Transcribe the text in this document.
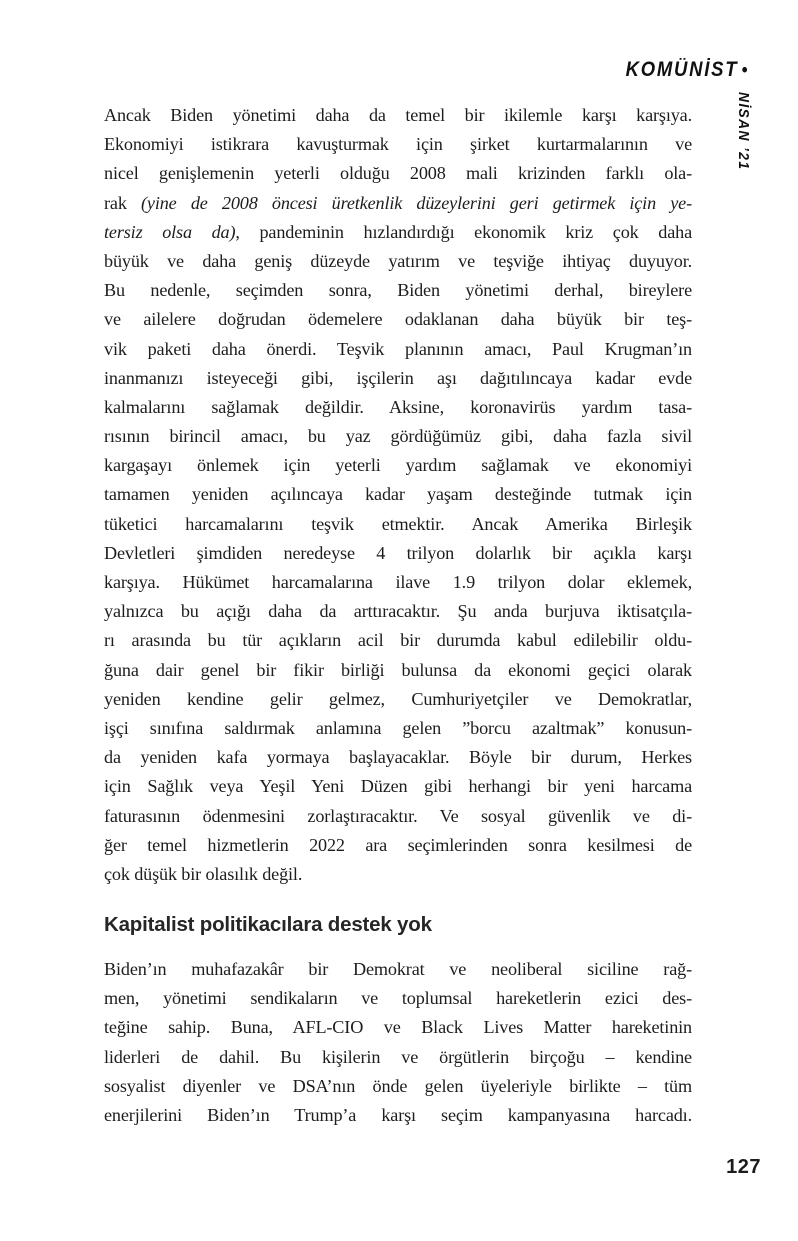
KOMÜNİST •
NİSAN ’21
Ancak Biden yönetimi daha da temel bir ikilemle karşı karşıya.
Ekonomiyi istikrara kavuşturmak için şirket kurtarmalarının ve
nicel genişlemenin yeterli olduğu 2008 mali krizinden farklı ola-
rak (yine de 2008 öncesi üretkenlik düzeylerini geri getirmek için ye-
tersiz olsa da), pandeminin hızlandırdığı ekonomik kriz çok daha
büyük ve daha geniş düzeyde yatırım ve teşviğe ihtiyaç duyuyor.
Bu nedenle, seçimden sonra, Biden yönetimi derhal, bireylere
ve ailelere doğrudan ödemelere odaklanan daha büyük bir teş-
vik paketi daha önerdi. Teşvik planının amacı, Paul Krugman’ın
inanmanızı isteyeceği gibi, işçilerin aşı dağıtılıncaya kadar evde
kalmalarını sağlamak değildir. Aksine, koronavirüs yardım tasa-
rısının birincil amacı, bu yaz gördüğümüz gibi, daha fazla sivil
kargaşayı önlemek için yeterli yardım sağlamak ve ekonomiyi
tamamen yeniden açılıncaya kadar yaşam desteğinde tutmak için
tüketici harcamalarını teşvik etmektir. Ancak Amerika Birleşik
Devletleri şimdiden neredeyse 4 trilyon dolarlık bir açıkla karşı
karşıya. Hükümet harcamalarına ilave 1.9 trilyon dolar eklemek,
yalnızca bu açığı daha da arttıracaktır. Şu anda burjuva iktisatçıla-
rı arasında bu tür açıkların acil bir durumda kabul edilebilir oldu-
ğuna dair genel bir fikir birliği bulunsa da ekonomi geçici olarak
yeniden kendine gelir gelmez, Cumhuriyetçiler ve Demokratlar,
işçi sınıfına saldırmak anlamına gelen ”borcu azaltmak” konusun-
da yeniden kafa yormaya başlayacaklar. Böyle bir durum, Herkes
için Sağlık veya Yeşil Yeni Düzen gibi herhangi bir yeni harcama
faturasının ödenmesini zorlaştıracaktır. Ve sosyal güvenlik ve di-
ğer temel hizmetlerin 2022 ara seçimlerinden sonra kesilmesi de
çok düşük bir olasılık değil.
Kapitalist politikacılara destek yok
Biden’ın muhafazakâr bir Demokrat ve neoliberal siciline rağ-
men, yönetimi sendikaların ve toplumsal hareketlerin ezici des-
teğine sahip. Buna, AFL-CIO ve Black Lives Matter hareketinin
liderleri de dahil. Bu kişilerin ve örgütlerin birçoğu – kendine
sosyalist diyenler ve DSA’nın önde gelen üyeleriyle birlikte – tüm
enerjilerini Biden’ın Trump’a karşı seçim kampanyasına harcadı.
127
